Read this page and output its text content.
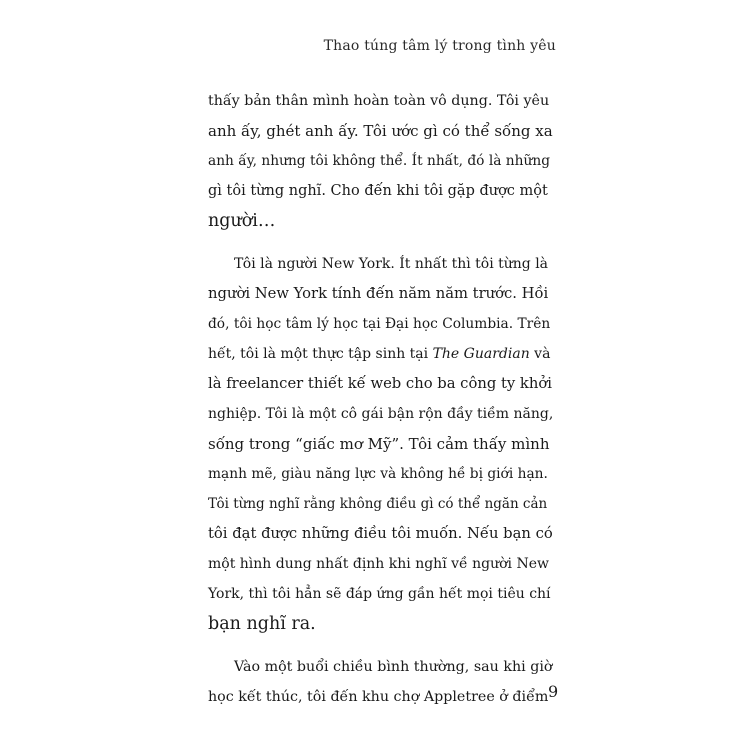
Thao túng tâm lý trong tình yêu
thấy bản thân mình hoàn toàn vô dụng. Tôi yêu
anh ấy, ghét anh ấy. Tôi ước gì có thể sống xa
anh ấy, nhưng tôi không thể. Ít nhất, đó là những
gì tôi từng nghĩ. Cho đến khi tôi gặp được một
người…
Tôi là người New York. Ít nhất thì tôi từng là
người New York tính đến năm năm trước. Hồi
đó, tôi học tâm lý học tại Đại học Columbia. Trên
hết, tôi là một thực tập sinh tại The Guardian và
là freelancer thiết kế web cho ba công ty khởi
nghiệp. Tôi là một cô gái bận rộn đầy tiềm năng,
sống trong “giấc mơ Mỹ”. Tôi cảm thấy mình
mạnh mẽ, giàu năng lực và không hề bị giới hạn.
Tôi từng nghĩ rằng không điều gì có thể ngăn cản
tôi đạt được những điều tôi muốn. Nếu bạn có
một hình dung nhất định khi nghĩ về người New
York, thì tôi hẳn sẽ đáp ứng gần hết mọi tiêu chí
bạn nghĩ ra.
Vào một buổi chiều bình thường, sau khi giờ
học kết thúc, tôi đến khu chợ Appletree ở điểm 9
